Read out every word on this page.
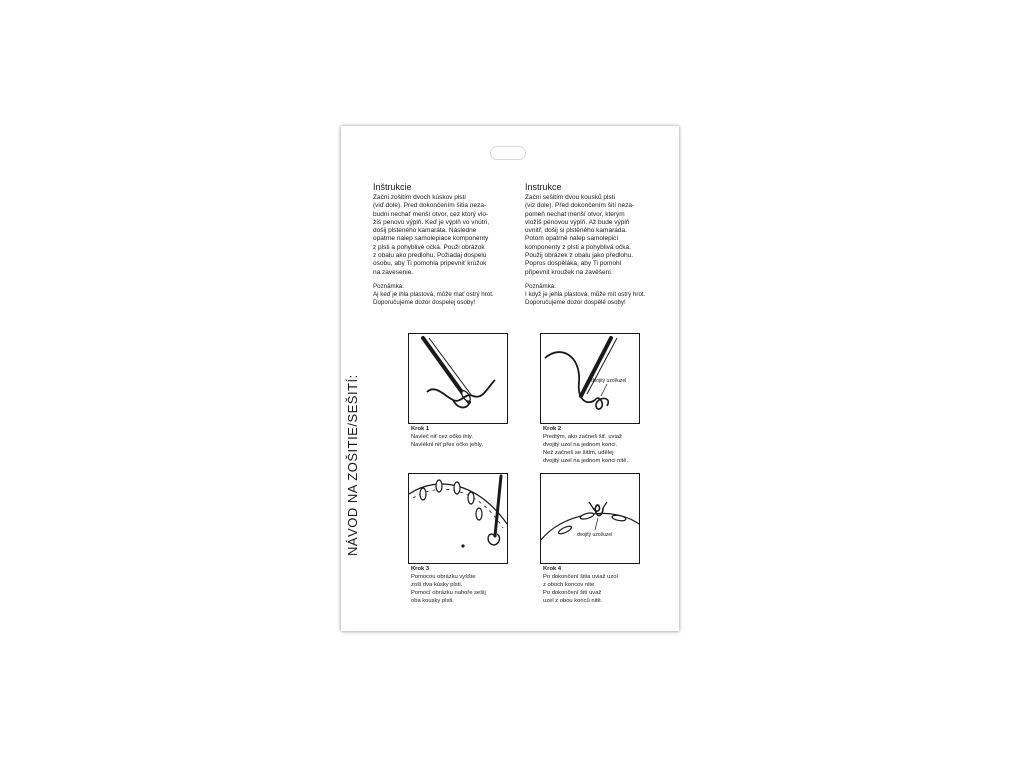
Inštrukcie

Začni zošitím dvoch kúskov plsti
(viď dole). Pred dokončením šitia neza-
budni nechať menší otvor, cez ktorý vlo-
žíš penovú výplň. Keď je výplň vo vnútri,
došij plsteného kamaráta. Následne
opatrne nalep samolepiace komponenty
z plsti a pohyblivé očká. Použi obrázok
z obalu ako predlohu. Požiadaj dospelú
osobu, aby Ti pomohla pripevniť krúžok
na zavesenie.

Poznámka:

Aj keď je ihla plastová, môže mať ostrý hrot.
Doporučujeme dozor dospelej osoby!

Instrukce

Začni sešitím dvou kousků plsti
(viz dole). Před dokončením šití neza-
pomeň nechat menší otvor, kterým
vložíš pěnovou výplň. Až bude výplň
uvnitř, došij si plstěného kamaráda.
Potom opatrně nalep samolepicí
komponenty z plsti a pohyblivá očka.
Použij obrázek z obalu jako předlohu.
Popros dospěláka, aby Ti pomohl
připevnit kroužek na zavěšení.

Poznámka:

I když je jehla plastová, může mít ostrý hrot.
Doporučujeme dozor dospělé osoby!

NÁVOD NA ZOŠITIE/SEŠITÍ:	Krok 1

Navleč niť cez očko ihly.
Navlékni niť přes očko jehly.

dvojitý uzol/uzel

Krok 2

Predtým, ako začneš šiť, uviaž
dvojitý uzol na jednom konci.
Než začneš se šitím, udělej
dvojitý uzel na jednom konci nitě.

Krok 3

Pomocou obrázku vyššie
zoši dva kúsky plsti.
Pomocí obrázku nahoře sešij
oba kousky plsti.

dvojitý uzol/uzel

Krok 4

Po dokončení šitia uviaž uzol
z oboch koncov nite.
Po dokončení šití uvaž
uzel z obou konců nitě.
